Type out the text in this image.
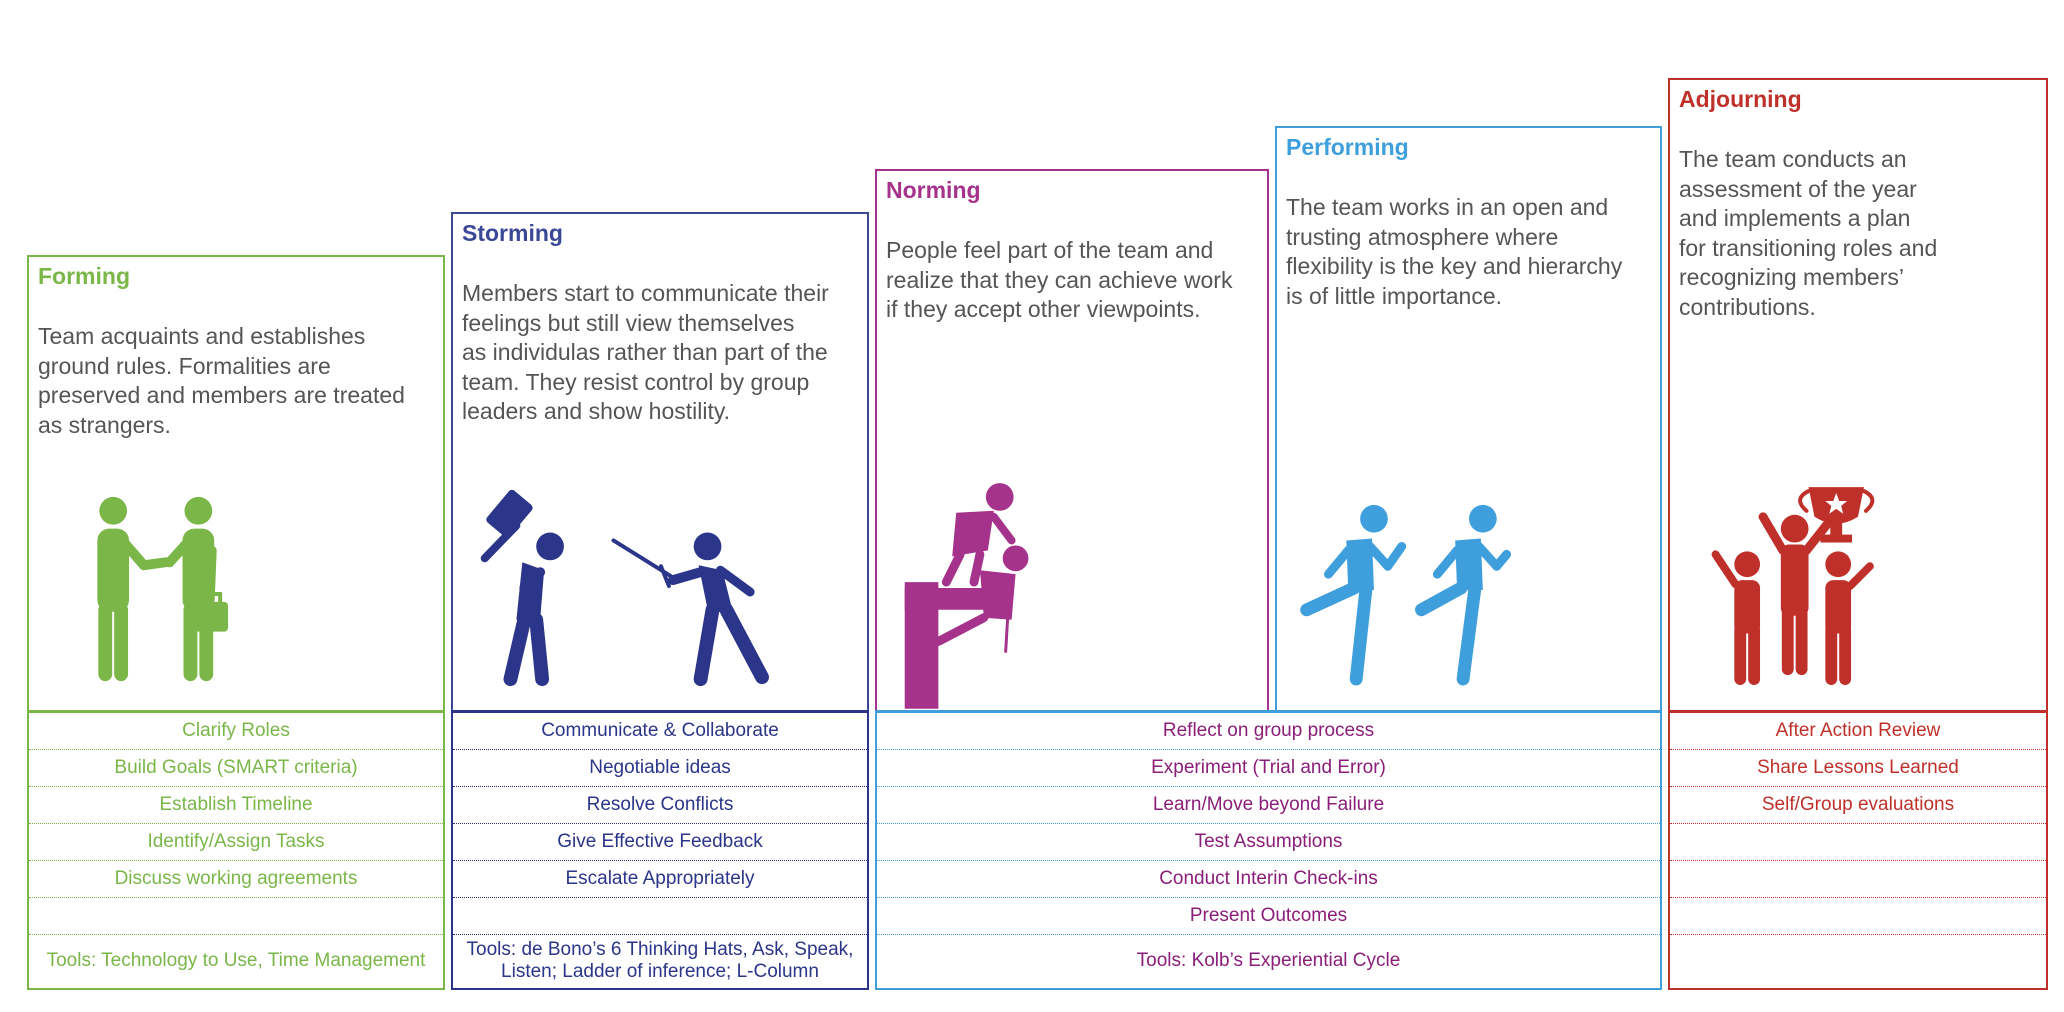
Forming
Team acquaints and establishes
ground rules. Formalities are
preserved and members are treated
as strangers.
Storming
Members start to communicate their
feelings but still view themselves
as individulas rather than part of the
team. They resist control by group
leaders and show hostility.
Norming
People feel part of the team and
realize that they can achieve work
if they accept other viewpoints.
Performing
The team works in an open and
trusting atmosphere where
flexibility is the key and hierarchy
is of little importance.
Adjourning
The team conducts an
assessment of the year
and implements a plan
for transitioning roles and
recognizing members’
contributions.
Clarify Roles
Build Goals (SMART criteria)
Establish Timeline
Identify/Assign Tasks
Discuss working agreements
Tools: Technology to Use, Time Management
Communicate & Collaborate
Negotiable ideas
Resolve Conflicts
Give Effective Feedback
Escalate Appropriately
Tools: de Bono’s 6 Thinking Hats, Ask, Speak,
Listen; Ladder of inference; L-Column
Reflect on group process
Experiment (Trial and Error)
Learn/Move beyond Failure
Test Assumptions
Conduct Interin Check-ins
Present Outcomes
Tools: Kolb’s Experiential Cycle
After Action Review
Share Lessons Learned
Self/Group evaluations
